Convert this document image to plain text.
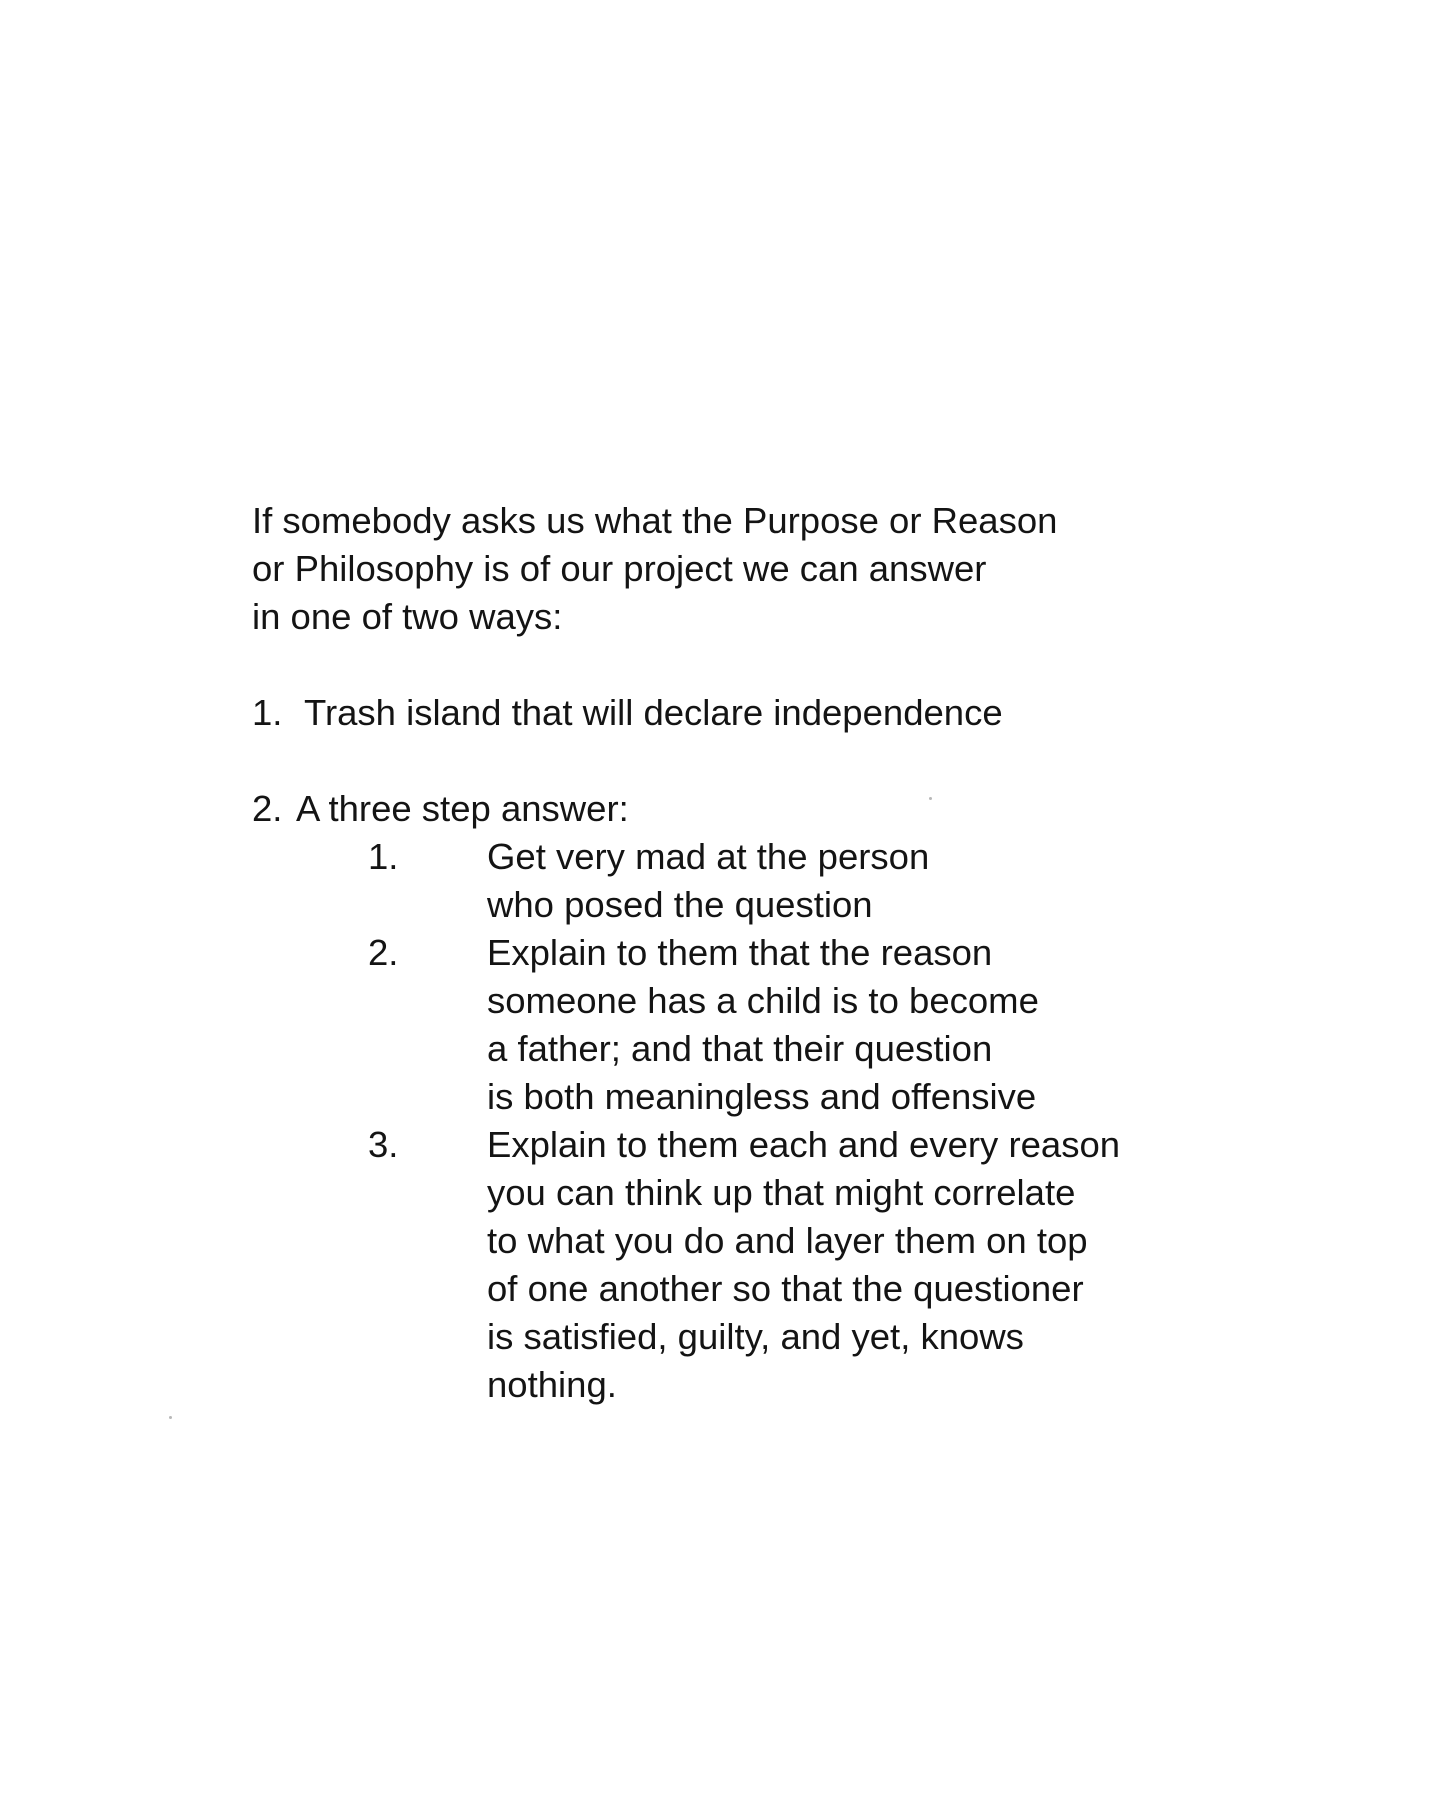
If somebody asks us what the Purpose or Reason
or Philosophy is of our project we can answer
in one of two ways:
1. Trash island that will declare independence
2. A three step answer:
1. Get very mad at the person
who posed the question
2. Explain to them that the reason
someone has a child is to become
a father; and that their question
is both meaningless and offensive
3. Explain to them each and every reason
you can think up that might correlate
to what you do and layer them on top
of one another so that the questioner
is satisfied, guilty, and yet, knows
nothing.
